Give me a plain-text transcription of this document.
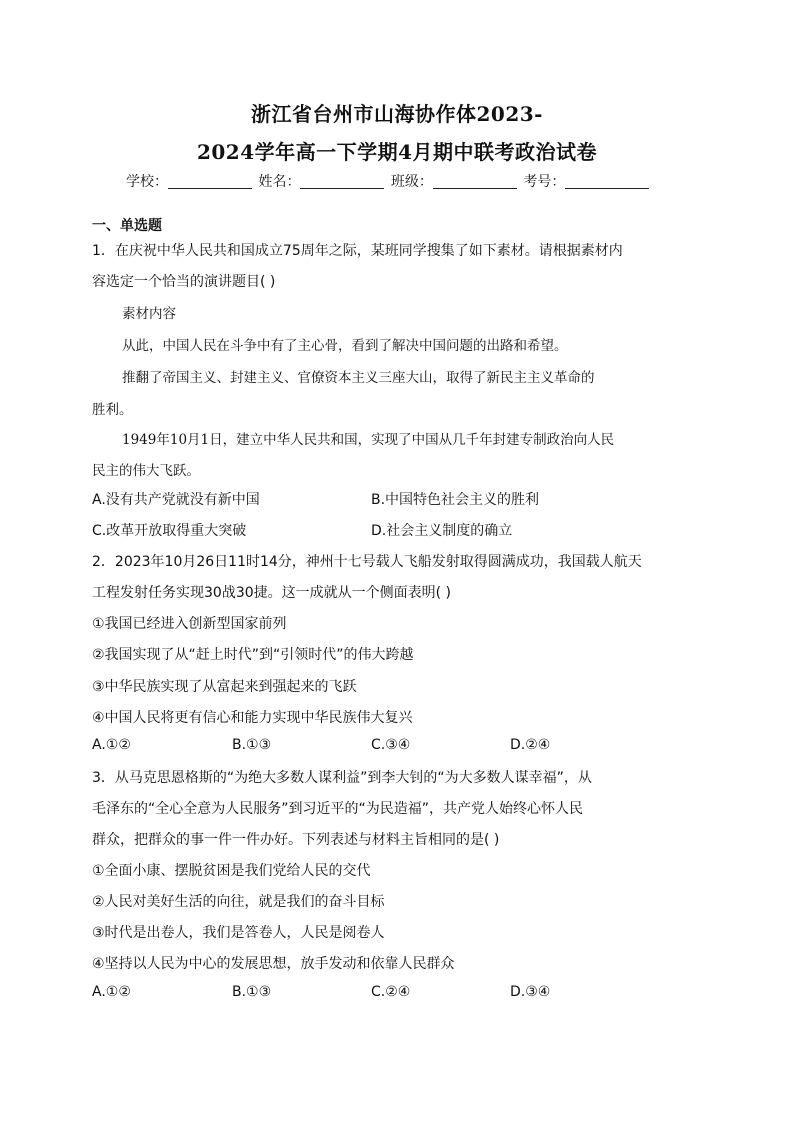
浙江省台州市山海协作体2023-
2024学年高一下学期4月期中联考政治试卷
学校：	姓名：	班级：	考号：
一、单选题
1．在庆祝中华人民共和国成立75周年之际，某班同学搜集了如下素材。请根据素材内
容选定一个恰当的演讲题目( )
素材内容
从此，中国人民在斗争中有了主心骨，看到了解决中国问题的出路和希望。
推翻了帝国主义、封建主义、官僚资本主义三座大山，取得了新民主主义革命的
胜利。
1949年10月1日，建立中华人民共和国，实现了中国从几千年封建专制政治向人民
民主的伟大飞跃。
A.没有共产党就没有新中国	B.中国特色社会主义的胜利
C.改革开放取得重大突破	D.社会主义制度的确立
2．2023年10月26日11时14分，神州十七号载人飞船发射取得圆满成功，我国载人航天
工程发射任务实现30战30捷。这一成就从一个侧面表明( )
①我国已经进入创新型国家前列
②我国实现了从“赶上时代”到“引领时代”的伟大跨越
③中华民族实现了从富起来到强起来的飞跃
④中国人民将更有信心和能力实现中华民族伟大复兴
A.①②	B.①③	C.③④	D.②④
3．从马克思恩格斯的“为绝大多数人谋利益”到李大钊的“为大多数人谋幸福”，从
毛泽东的“全心全意为人民服务”到习近平的“为民造福”，共产党人始终心怀人民
群众，把群众的事一件一件办好。下列表述与材料主旨相同的是( )
①全面小康、摆脱贫困是我们党给人民的交代
②人民对美好生活的向往，就是我们的奋斗目标
③时代是出卷人，我们是答卷人，人民是阅卷人
④坚持以人民为中心的发展思想，放手发动和依靠人民群众
A.①②	B.①③	C.②④	D.③④
